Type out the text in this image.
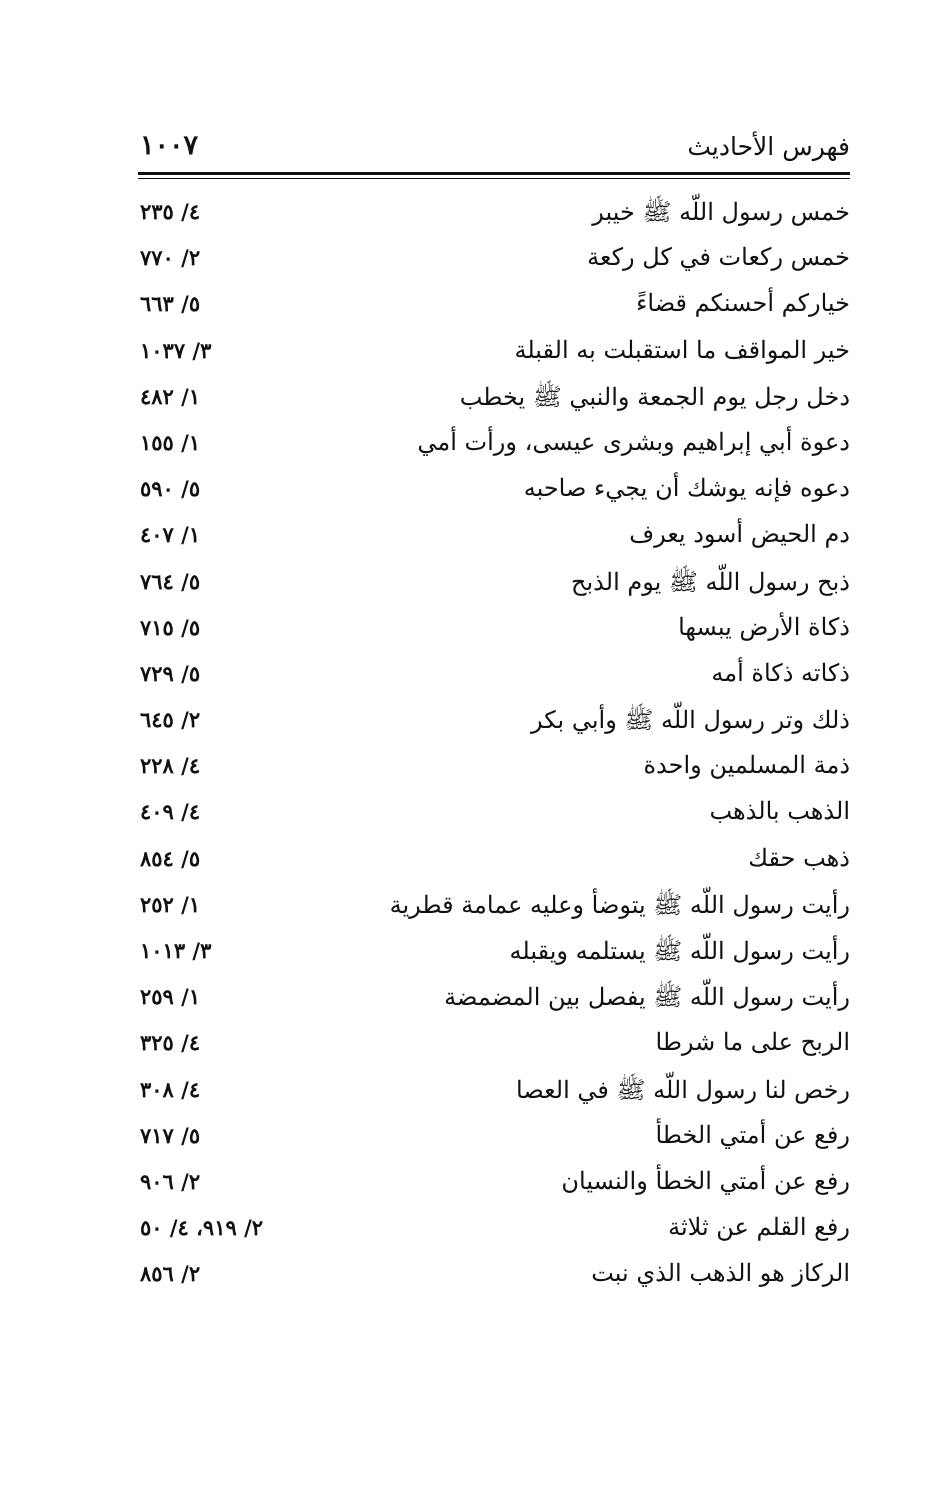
فهرس الأحاديث
١٠٠٧
خمس رسول اللّه ﷺ خيبر
٤/ ٢٣٥
خمس ركعات في كل ركعة
٢/ ٧٧٠
خياركم أحسنكم قضاءً
٥/ ٦٦٣
خير المواقف ما استقبلت به القبلة
٣/ ١٠٣٧
دخل رجل يوم الجمعة والنبي ﷺ يخطب
١/ ٤٨٢
دعوة أبي إبراهيم وبشرى عيسى، ورأت أمي
١/ ١٥٥
دعوه فإنه يوشك أن يجيء صاحبه
٥/ ٥٩٠
دم الحيض أسود يعرف
١/ ٤٠٧
ذبح رسول اللّه ﷺ يوم الذبح
٥/ ٧٦٤
ذكاة الأرض يبسها
٥/ ٧١٥
ذكاته ذكاة أمه
٥/ ٧٢٩
ذلك وتر رسول اللّه ﷺ وأبي بكر
٢/ ٦٤٥
ذمة المسلمين واحدة
٤/ ٢٢٨
الذهب بالذهب
٤/ ٤٠٩
ذهب حقك
٥/ ٨٥٤
رأيت رسول اللّه ﷺ يتوضأ وعليه عمامة قطرية
١/ ٢٥٢
رأيت رسول اللّه ﷺ يستلمه ويقبله
٣/ ١٠١٣
رأيت رسول اللّه ﷺ يفصل بين المضمضة
١/ ٢٥٩
الربح على ما شرطا
٤/ ٣٢٥
رخص لنا رسول اللّه ﷺ في العصا
٤/ ٣٠٨
رفع عن أمتي الخطأ
٥/ ٧١٧
رفع عن أمتي الخطأ والنسيان
٢/ ٩٠٦
رفع القلم عن ثلاثة
٢/ ٩١٩، ٤/ ٥٠
الركاز هو الذهب الذي نبت
٢/ ٨٥٦
